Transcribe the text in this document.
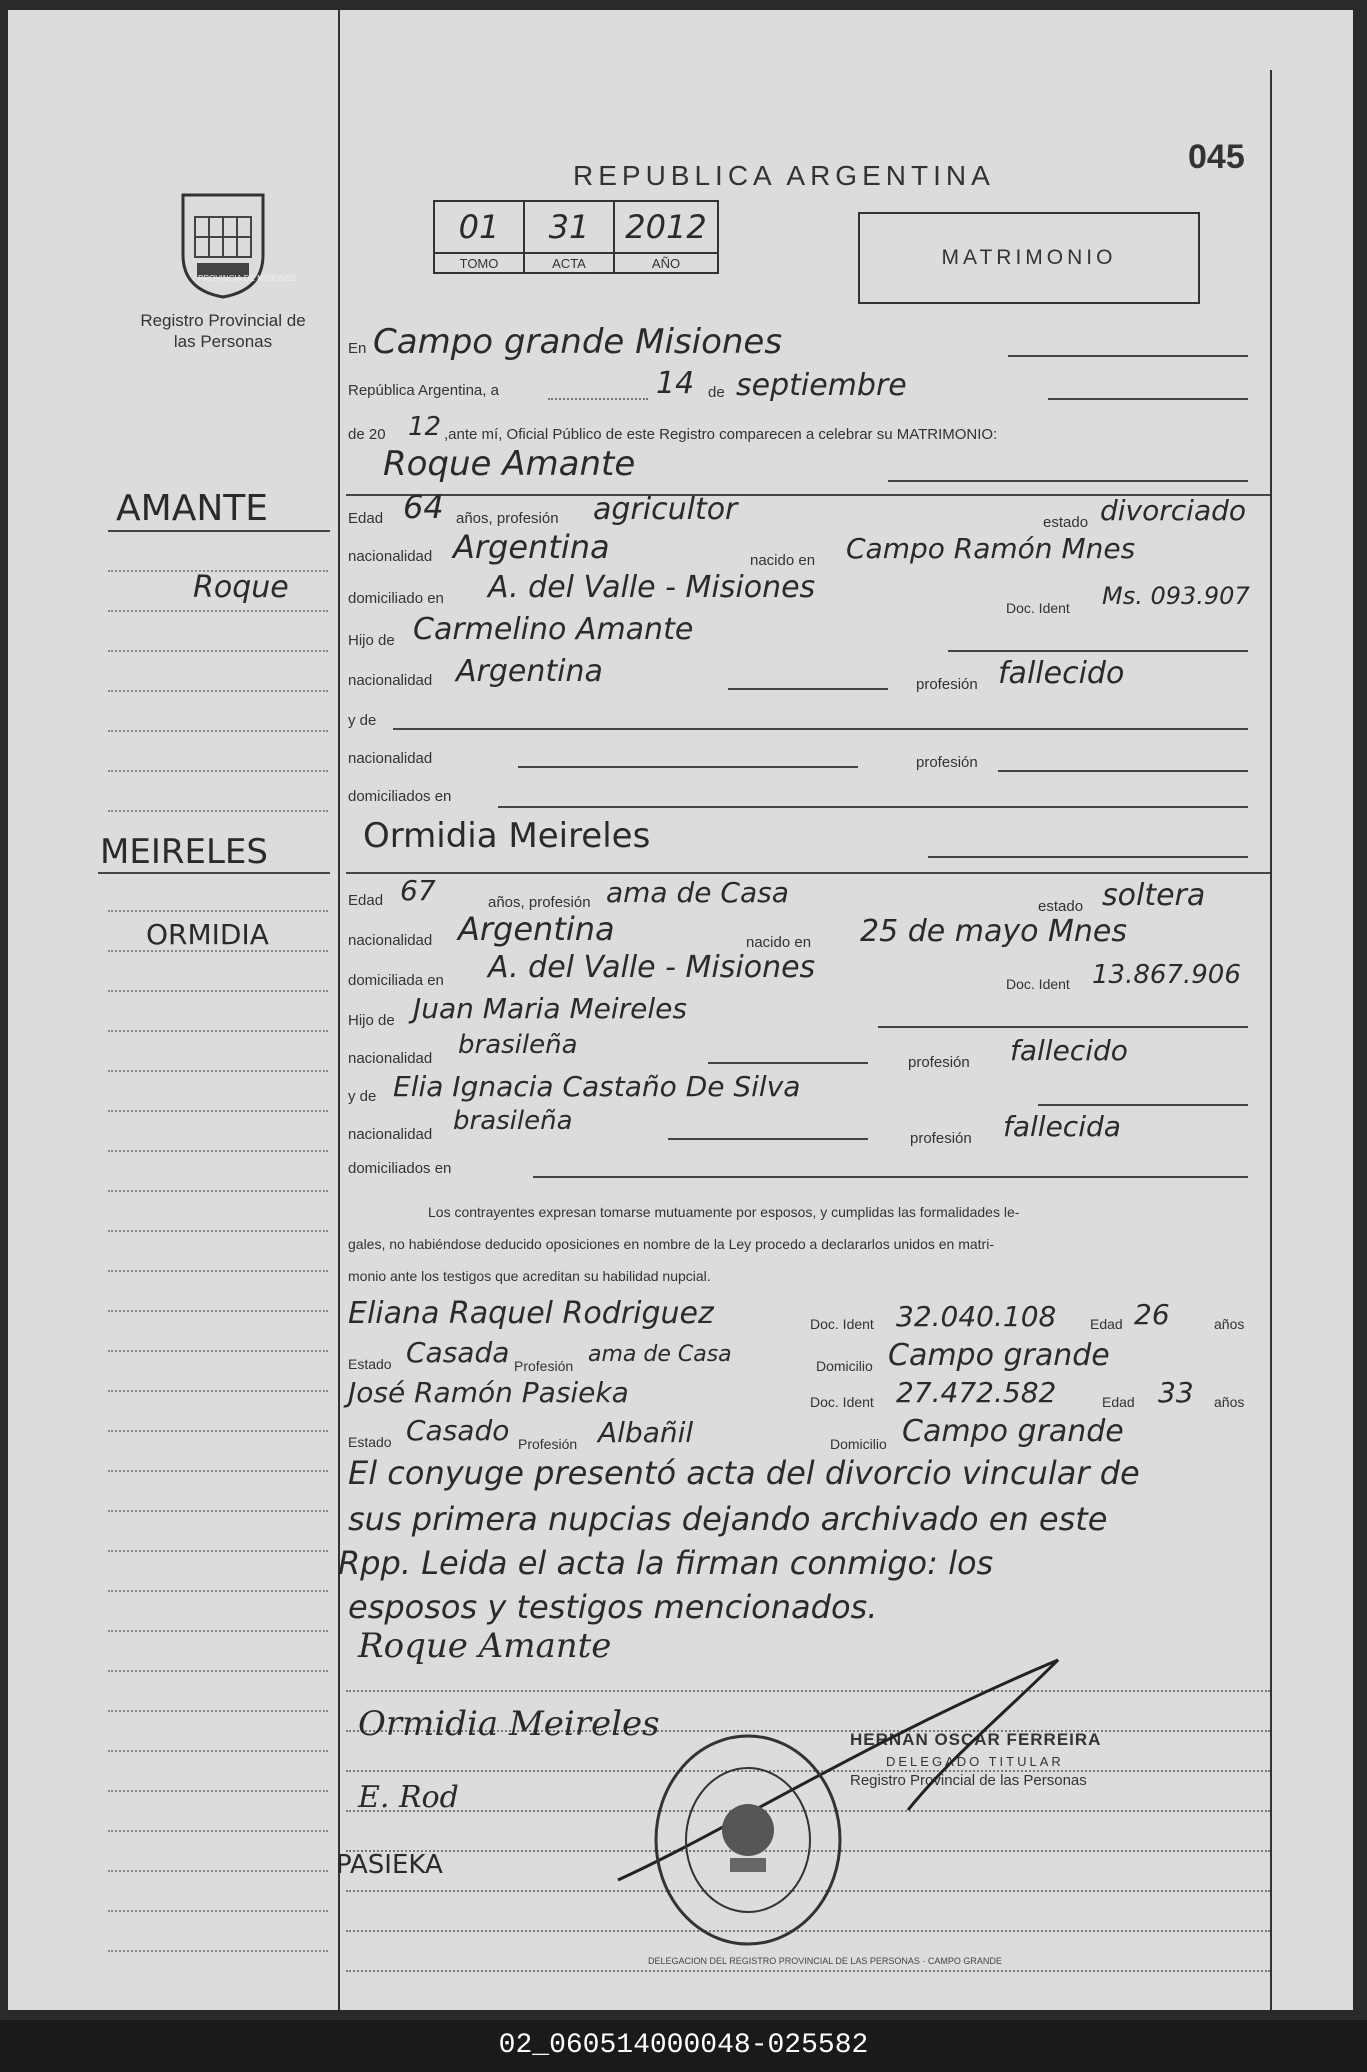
PROVINCIA DE MISIONES
Registro Provincial de las Personas
AMANTE
Roque
MEIRELES
ORMIDIA
REPUBLICA ARGENTINA	045
01	31	2012
TOMO	ACTA	AÑO	MATRIMONIO
En Campo grande Misiones
República Argentina, a	14 de septiembre
de 20 12 ,ante mí, Oficial Público de este Registro comparecen a celebrar su MATRIMONIO:
Roque Amante
Edad 64 años, profesión agricultor	estado divorciado
nacionalidad Argentina	nacido en Campo Ramón Mnes
domiciliado en A. del Valle - Misiones
Doc. Ident Ms. 093.907
Hijo de Carmelino Amante
nacionalidad Argentina	profesión fallecido
y de
nacionalidad	profesión
domiciliados en
Ormidia Meireles
Edad 67	años, profesión ama de Casa	estado soltera
nacionalidad Argentina	nacido en 25 de mayo Mnes
domiciliada en A. del Valle - Misiones	Doc. Ident 13.867.906
Hijo de Juan Maria Meireles
nacionalidad brasileña
profesión fallecido
y de Elia Ignacia Castaño De Silva
nacionalidad brasileña
profesión fallecida
domiciliados en
Los contrayentes expresan tomarse mutuamente por esposos, y cumplidas las formalidades le-
gales, no habiéndose deducido oposiciones en nombre de la Ley procedo a declararlos unidos en matri-
monio ante los testigos que acreditan su habilidad nupcial.
Eliana Raquel Rodriguez	Doc. Ident 32.040.108 Edad 26	años
Estado Casada Profesión ama de Casa	Domicilio Campo grande
José Ramón Pasieka	Doc. Ident 27.472.582	Edad 33 años
Estado Casado Profesión Albañil	Domicilio Campo grande
El conyuge presentó acta del divorcio vincular de
sus primera nupcias dejando archivado en este
Rpp. Leida el acta la firman conmigo: los
esposos y testigos mencionados.
Roque Amante
Ormidia Meireles
E. Rod
PASIEKA
HERNAN OSCAR FERREIRA
DELEGADO TITULAR
Registro Provincial de las Personas
DELEGACION DEL REGISTRO PROVINCIAL DE LAS PERSONAS · CAMPO GRANDE
02_060514000048-025582
